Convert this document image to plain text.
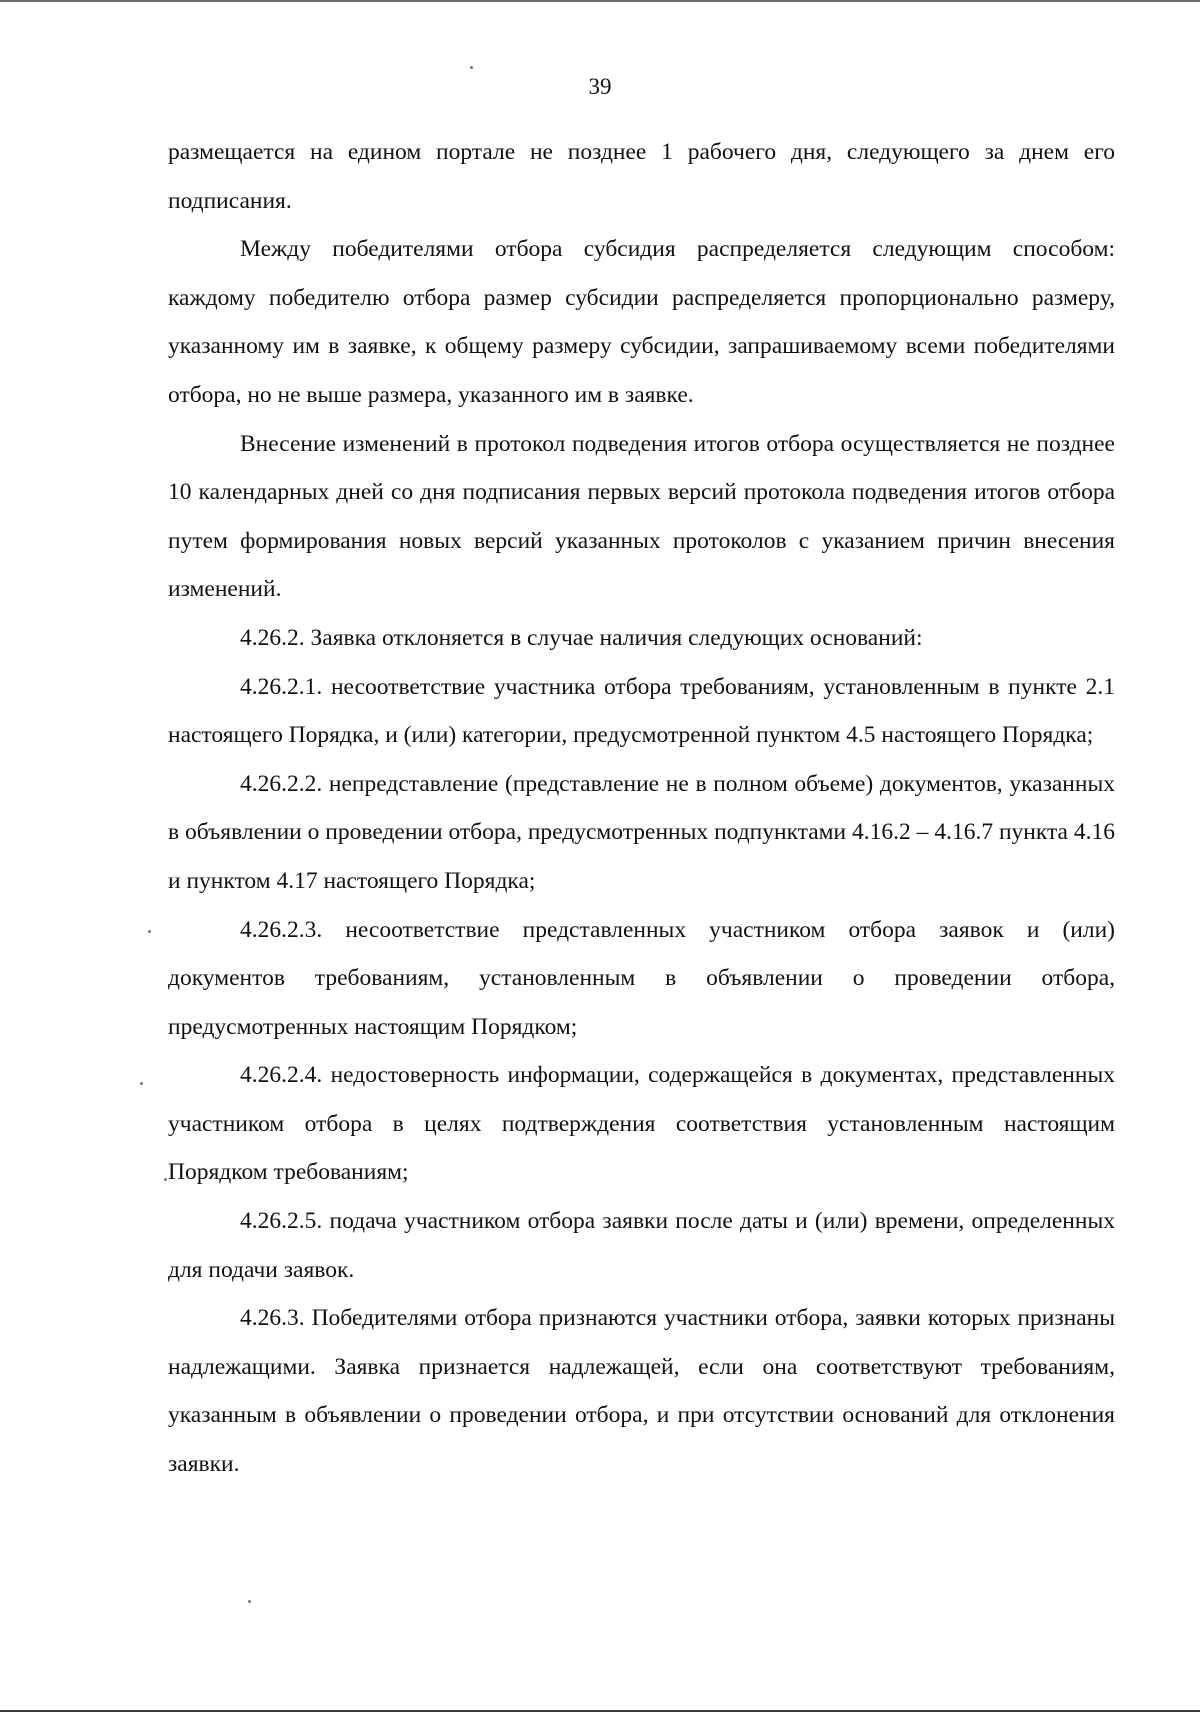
39

размещается на едином портале не позднее 1 рабочего дня, следующего за днем его подписания.

Между победителями отбора субсидия распределяется следующим способом: каждому победителю отбора размер субсидии распределяется пропорционально размеру, указанному им в заявке, к общему размеру субсидии, запрашиваемому всеми победителями отбора, но не выше размера, указанного им в заявке.

Внесение изменений в протокол подведения итогов отбора осуществляется не позднее 10 календарных дней со дня подписания первых версий протокола подведения итогов отбора путем формирования новых версий указанных протоколов с указанием причин внесения изменений.

4.26.2. Заявка отклоняется в случае наличия следующих оснований:

4.26.2.1. несоответствие участника отбора требованиям, установленным в пункте 2.1 настоящего Порядка, и (или) категории, предусмотренной пунктом 4.5 настоящего Порядка;

4.26.2.2. непредставление (представление не в полном объеме) документов, указанных в объявлении о проведении отбора, предусмотренных подпунктами 4.16.2 – 4.16.7 пункта 4.16 и пунктом 4.17 настоящего Порядка;

4.26.2.3. несоответствие представленных участником отбора заявок и (или) документов требованиям, установленным в объявлении о проведении отбора, предусмотренных настоящим Порядком;

4.26.2.4. недостоверность информации, содержащейся в документах, представленных участником отбора в целях подтверждения соответствия установленным настоящим Порядком требованиям;

4.26.2.5. подача участником отбора заявки после даты и (или) времени, определенных для подачи заявок.

4.26.3. Победителями отбора признаются участники отбора, заявки которых признаны надлежащими. Заявка признается надлежащей, если она соответствуют требованиям, указанным в объявлении о проведении отбора, и при отсутствии оснований для отклонения заявки.
